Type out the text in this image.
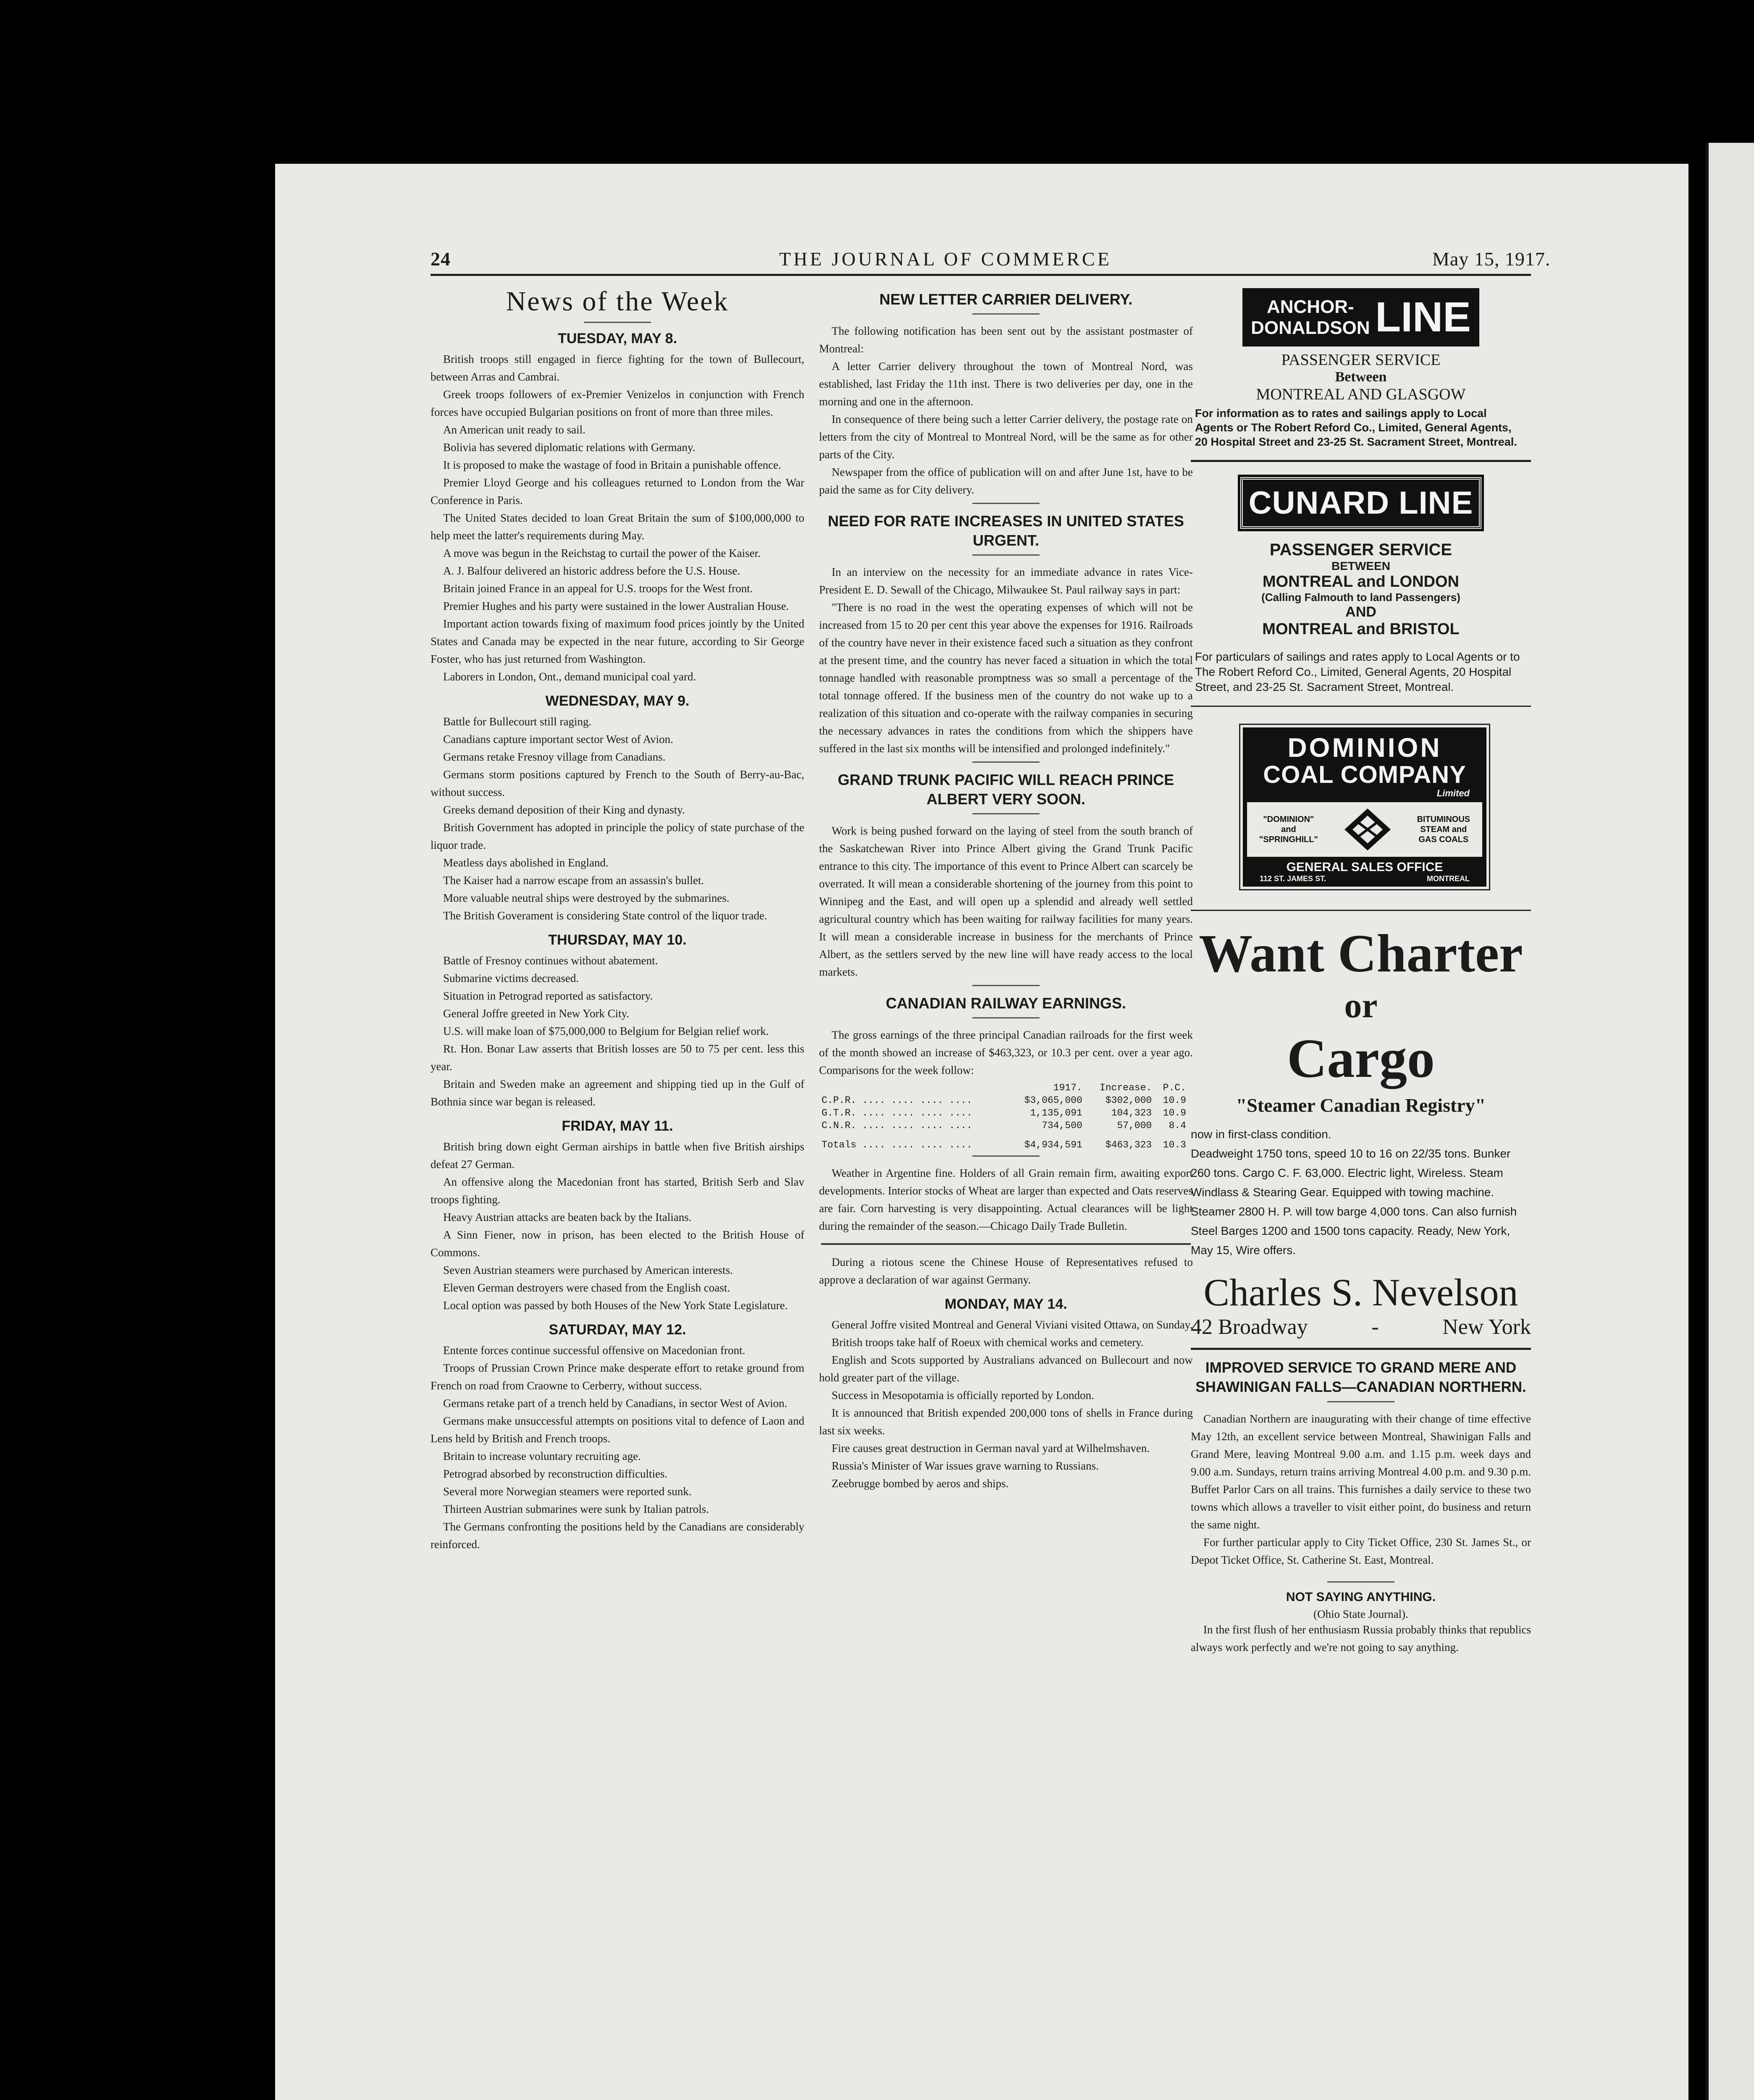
24	THE JOURNAL OF COMMERCE	May 15, 1917.
News of the Week
TUESDAY, MAY 8.

British troops still engaged in fierce fighting for the town of Bullecourt, between Arras and Cambrai.

Greek troops followers of ex-Premier Venizelos in conjunction with French forces have occupied Bulgarian positions on front of more than three miles.

An American unit ready to sail.

Bolivia has severed diplomatic relations with Germany.

It is proposed to make the wastage of food in Britain a punishable offence.

Premier Lloyd George and his colleagues returned to London from the War Conference in Paris.

The United States decided to loan Great Britain the sum of $100,000,000 to help meet the latter's requirements during May.

A move was begun in the Reichstag to curtail the power of the Kaiser.

A. J. Balfour delivered an historic address before the U.S. House.

Britain joined France in an appeal for U.S. troops for the West front.

Premier Hughes and his party were sustained in the lower Australian House.

Important action towards fixing of maximum food prices jointly by the United States and Canada may be expected in the near future, according to Sir George Foster, who has just returned from Washington.

Laborers in London, Ont., demand municipal coal yard.

WEDNESDAY, MAY 9.

Battle for Bullecourt still raging.

Canadians capture important sector West of Avion.

Germans retake Fresnoy village from Canadians.

Germans storm positions captured by French to the South of Berry-au-Bac, without success.

Greeks demand deposition of their King and dynasty.

British Government has adopted in principle the policy of state purchase of the liquor trade.

Meatless days abolished in England.

The Kaiser had a narrow escape from an assassin's bullet.

More valuable neutral ships were destroyed by the submarines.

The British Goverament is considering State control of the liquor trade.

THURSDAY, MAY 10.

Battle of Fresnoy continues without abatement.

Submarine victims decreased.

Situation in Petrograd reported as satisfactory.

General Joffre greeted in New York City.

U.S. will make loan of $75,000,000 to Belgium for Belgian relief work.

Rt. Hon. Bonar Law asserts that British losses are 50 to 75 per cent. less this year.

Britain and Sweden make an agreement and shipping tied up in the Gulf of Bothnia since war began is released.

FRIDAY, MAY 11.

British bring down eight German airships in battle when five British airships defeat 27 German.

An offensive along the Macedonian front has started, British Serb and Slav troops fighting.

Heavy Austrian attacks are beaten back by the Italians.

A Sinn Fiener, now in prison, has been elected to the British House of Commons.

Seven Austrian steamers were purchased by American interests.

Eleven German destroyers were chased from the English coast.

Local option was passed by both Houses of the New York State Legislature.

SATURDAY, MAY 12.

Entente forces continue successful offensive on Macedonian front.

Troops of Prussian Crown Prince make desperate effort to retake ground from French on road from Craowne to Cerberry, without success.

Germans retake part of a trench held by Canadians, in sector West of Avion.

Germans make unsuccessful attempts on positions vital to defence of Laon and Lens held by British and French troops.

Britain to increase voluntary recruiting age.

Petrograd absorbed by reconstruction difficulties.

Several more Norwegian steamers were reported sunk.

Thirteen Austrian submarines were sunk by Italian patrols.

The Germans confronting the positions held by the Canadians are considerably reinforced.

NEW LETTER CARRIER DELIVERY.

The following notification has been sent out by the assistant postmaster of Montreal:

A letter Carrier delivery throughout the town of Montreal Nord, was established, last Friday the 11th inst. There is two deliveries per day, one in the morning and one in the afternoon.

In consequence of there being such a letter Carrier delivery, the postage rate on letters from the city of Montreal to Montreal Nord, will be the same as for other parts of the City.

Newspaper from the office of publication will on and after June 1st, have to be paid the same as for City delivery.

NEED FOR RATE INCREASES IN UNITED STATES URGENT.

In an interview on the necessity for an immediate advance in rates Vice-President E. D. Sewall of the Chicago, Milwaukee St. Paul railway says in part:

"There is no road in the west the operating expenses of which will not be increased from 15 to 20 per cent this year above the expenses for 1916. Railroads of the country have never in their existence faced such a situation as they confront at the present time, and the country has never faced a situation in which the total tonnage handled with reasonable promptness was so small a percentage of the total tonnage offered. If the business men of the country do not wake up to a realization of this situation and co-operate with the railway companies in securing the necessary advances in rates the conditions from which the shippers have suffered in the last six months will be intensified and prolonged indefinitely."

GRAND TRUNK PACIFIC WILL REACH PRINCE ALBERT VERY SOON.

Work is being pushed forward on the laying of steel from the south branch of the Saskatchewan River into Prince Albert giving the Grand Trunk Pacific entrance to this city. The importance of this event to Prince Albert can scarcely be overrated. It will mean a considerable shortening of the journey from this point to Winnipeg and the East, and will open up a splendid and already well settled agricultural country which has been waiting for railway facilities for many years. It will mean a considerable increase in business for the merchants of Prince Albert, as the settlers served by the new line will have ready access to the local markets.

CANADIAN RAILWAY EARNINGS.

The gross earnings of the three principal Canadian railroads for the first week of the month showed an increase of $463,323, or 10.3 per cent. over a year ago. Comparisons for the week follow:

	1917.	Increase.	P.C.
C.P.R. .... .... .... ....	$3,065,000	$302,000	10.9
G.T.R. .... .... .... ....	1,135,091	104,323	10.9
C.N.R. .... .... .... ....	734,500	57,000	8.4
Totals .... .... .... ....	$4,934,591	$463,323	10.3

Weather in Argentine fine. Holders of all Grain remain firm, awaiting export developments. Interior stocks of Wheat are larger than expected and Oats reserves are fair. Corn harvesting is very disappointing. Actual clearances will be light during the remainder of the season.—Chicago Daily Trade Bulletin.

During a riotous scene the Chinese House of Representatives refused to approve a declaration of war against Germany.

MONDAY, MAY 14.

General Joffre visited Montreal and General Viviani visited Ottawa, on Sunday.

British troops take half of Roeux with chemical works and cemetery.

English and Scots supported by Australians advanced on Bullecourt and now hold greater part of the village.

Success in Mesopotamia is officially reported by London.

It is announced that British expended 200,000 tons of shells in France during last six weeks.

Fire causes great destruction in German naval yard at Wilhelmshaven.

Russia's Minister of War issues grave warning to Russians.

Zeebrugge bombed by aeros and ships.

ANCHOR-
DONALDSON LINE
PASSENGER SERVICE
Between
MONTREAL AND GLASGOW
For information as to rates and sailings apply to Local Agents or The Robert Reford Co., Limited, General Agents, 20 Hospital Street and 23-25 St. Sacrament Street, Montreal.
CUNARD LINE
PASSENGER SERVICE
BETWEEN
MONTREAL and LONDON
(Calling Falmouth to land Passengers)
AND
MONTREAL and BRISTOL
For particulars of sailings and rates apply to Local Agents or to The Robert Reford Co., Limited, General Agents, 20 Hospital Street, and 23-25 St. Sacrament Street, Montreal.
DOMINION
COAL COMPANY
Limited
"DOMINION"
and
"SPRINGHILL"
BITUMINOUS
STEAM and
GAS COALS
GENERAL SALES OFFICE
112 ST. JAMES ST.	MONTREAL
Want Charter
or
Cargo
"Steamer Canadian Registry"
now in first-class condition.
Deadweight 1750 tons, speed 10 to 16 on 22/35 tons. Bunker 260 tons. Cargo C. F. 63,000. Electric light, Wireless. Steam Windlass & Stearing Gear. Equipped with towing machine. Steamer 2800 H. P. will tow barge 4,000 tons. Can also furnish Steel Barges 1200 and 1500 tons capacity. Ready, New York, May 15, Wire offers.
Charles S. Nevelson
42 Broadway	-	New York
IMPROVED SERVICE TO GRAND MERE AND SHAWINIGAN FALLS—CANADIAN NORTHERN.

Canadian Northern are inaugurating with their change of time effective May 12th, an excellent service between Montreal, Shawinigan Falls and Grand Mere, leaving Montreal 9.00 a.m. and 1.15 p.m. week days and 9.00 a.m. Sundays, return trains arriving Montreal 4.00 p.m. and 9.30 p.m. Buffet Parlor Cars on all trains. This furnishes a daily service to these two towns which allows a traveller to visit either point, do business and return the same night.

For further particular apply to City Ticket Office, 230 St. James St., or Depot Ticket Office, St. Catherine St. East, Montreal.

NOT SAYING ANYTHING.
(Ohio State Journal).

In the first flush of her enthusiasm Russia probably thinks that republics always work perfectly and we're not going to say anything.
